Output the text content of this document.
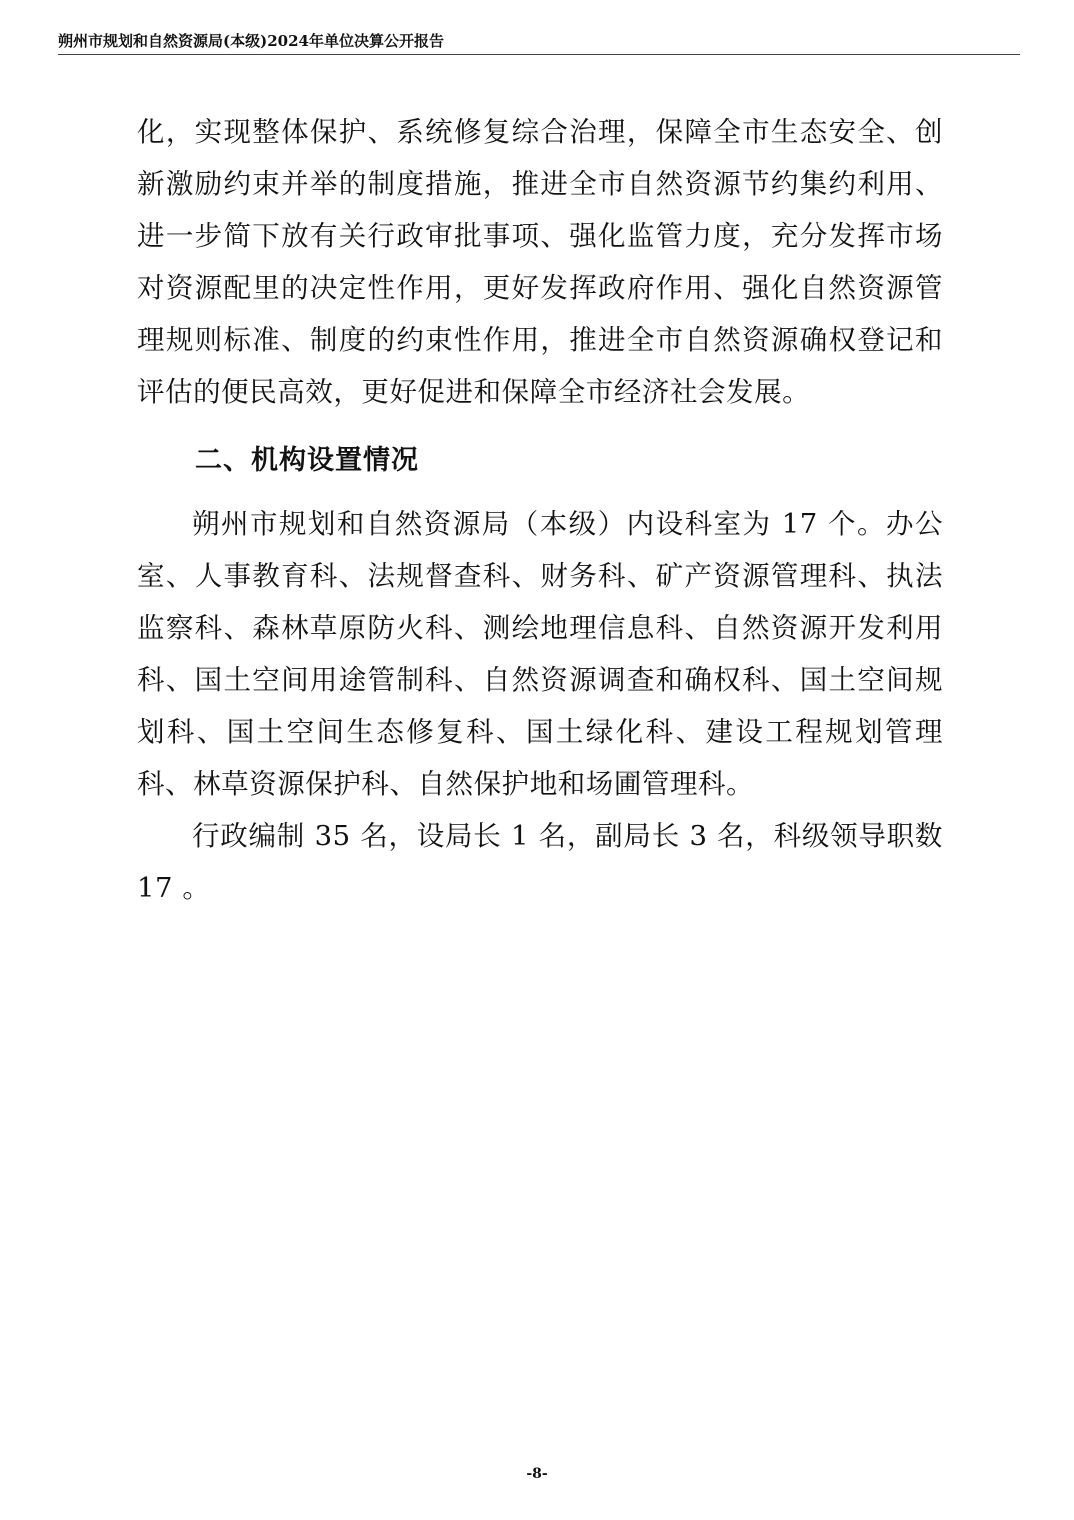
朔州市规划和自然资源局(本级)2024年单位决算公开报告

化，实现整体保护、系统修复综合治理，保障全市生态安全、创新激励约束并举的制度措施，推进全市自然资源节约集约利用、进一步简下放有关行政审批事项、强化监管力度，充分发挥市场对资源配里的决定性作用，更好发挥政府作用、强化自然资源管理规则标准、制度的约束性作用，推进全市自然资源确权登记和评估的便民高效，更好促进和保障全市经济社会发展。

二、机构设置情况

朔州市规划和自然资源局（本级）内设科室为 17 个。办公室、人事教育科、法规督查科、财务科、矿产资源管理科、执法监察科、森林草原防火科、测绘地理信息科、自然资源开发利用科、国土空间用途管制科、自然资源调查和确权科、国土空间规划科、国土空间生态修复科、国土绿化科、建设工程规划管理科、林草资源保护科、自然保护地和场圃管理科。

行政编制 35 名，设局长 1 名，副局长 3 名，科级领导职数 17 。

-8-
